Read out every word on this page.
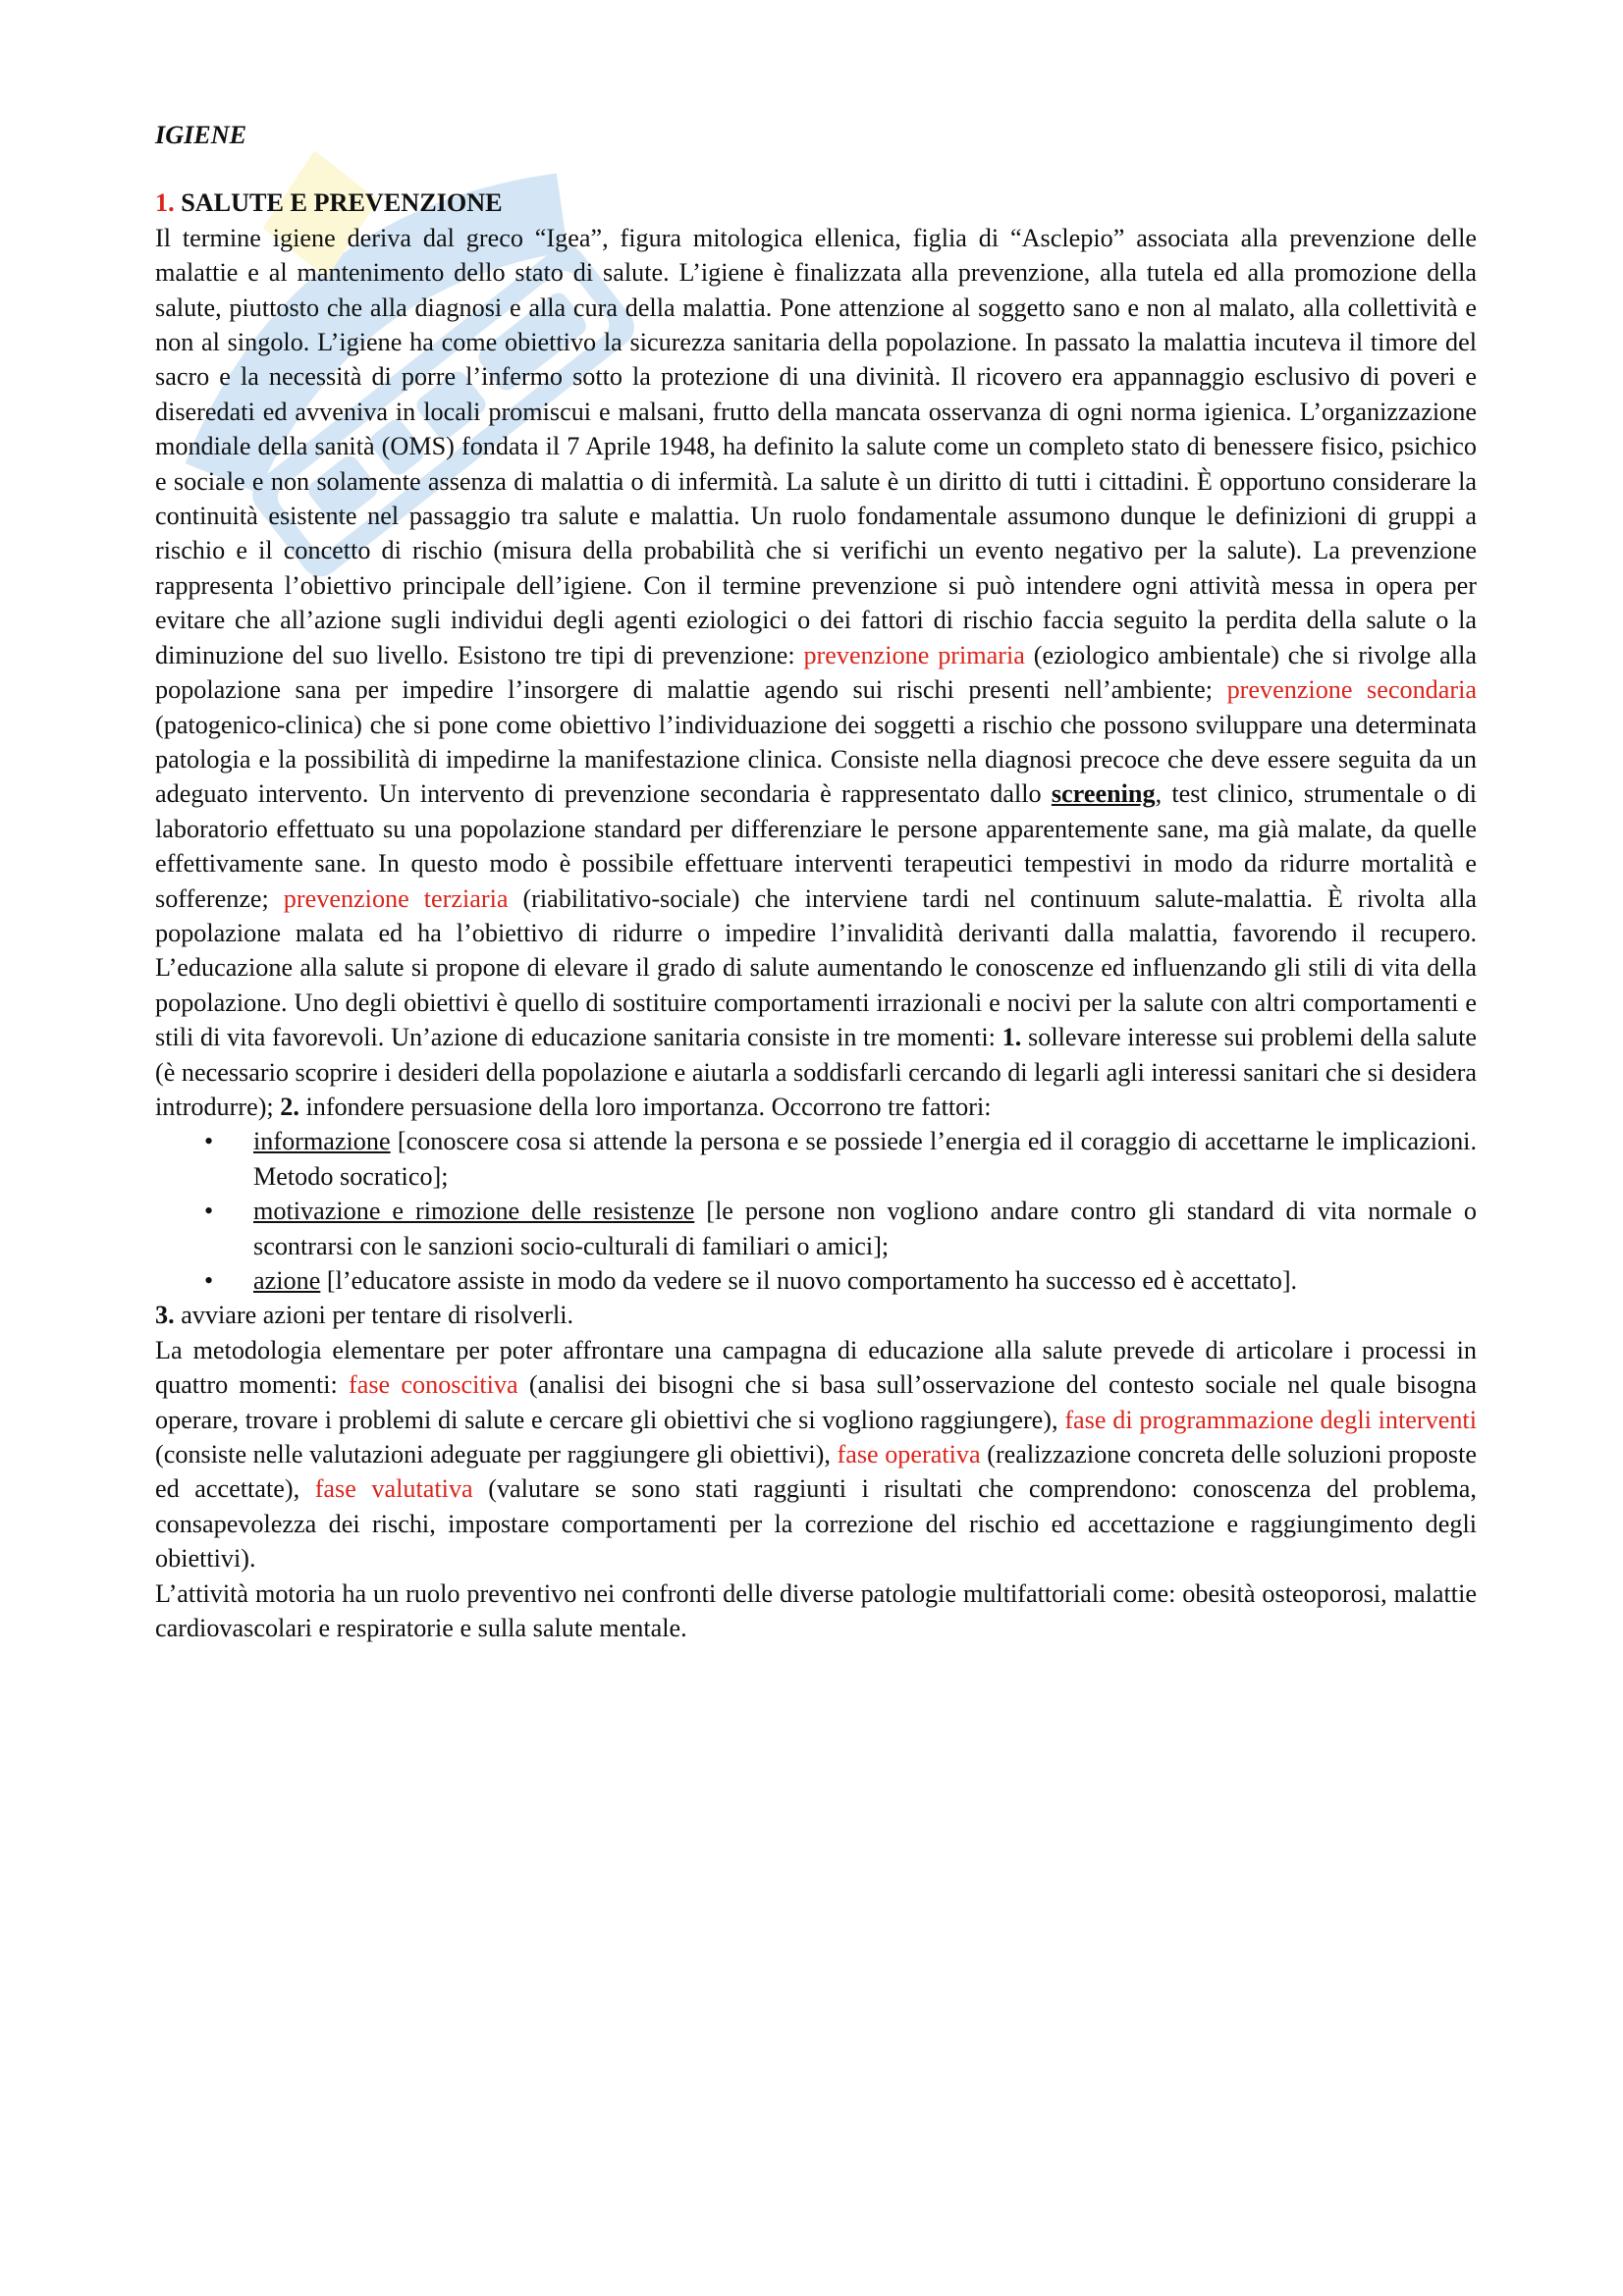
IGIENE
1. SALUTE E PREVENZIONE

Il termine igiene deriva dal greco “Igea”, figura mitologica ellenica, figlia di “Asclepio” associata alla prevenzione delle malattie e al mantenimento dello stato di salute. L’igiene è finalizzata alla prevenzione, alla tutela ed alla promozione della salute, piuttosto che alla diagnosi e alla cura della malattia. Pone attenzione al soggetto sano e non al malato, alla collettività e non al singolo. L’igiene ha come obiettivo la sicurezza sanitaria della popolazione. In passato la malattia incuteva il timore del sacro e la necessità di porre l’infermo sotto la protezione di una divinità. Il ricovero era appannaggio esclusivo di poveri e diseredati ed avveniva in locali promiscui e malsani, frutto della mancata osservanza di ogni norma igienica. L’organizzazione mondiale della sanità (OMS) fondata il 7 Aprile 1948, ha definito la salute come un completo stato di benessere fisico, psichico e sociale e non solamente assenza di malattia o di infermità. La salute è un diritto di tutti i cittadini. È opportuno considerare la continuità esistente nel passaggio tra salute e malattia. Un ruolo fondamentale assumono dunque le definizioni di gruppi a rischio e il concetto di rischio (misura della probabilità che si verifichi un evento negativo per la salute). La prevenzione rappresenta l’obiettivo principale dell’igiene. Con il termine prevenzione si può intendere ogni attività messa in opera per evitare che all’azione sugli individui degli agenti eziologici o dei fattori di rischio faccia seguito la perdita della salute o la diminuzione del suo livello. Esistono tre tipi di prevenzione: prevenzione primaria (eziologico ambientale) che si rivolge alla popolazione sana per impedire l’insorgere di malattie agendo sui rischi presenti nell’ambiente; prevenzione secondaria (patogenico-clinica) che si pone come obiettivo l’individuazione dei soggetti a rischio che possono sviluppare una determinata patologia e la possibilità di impedirne la manifestazione clinica. Consiste nella diagnosi precoce che deve essere seguita da un adeguato intervento. Un intervento di prevenzione secondaria è rappresentato dallo screening, test clinico, strumentale o di laboratorio effettuato su una popolazione standard per differenziare le persone apparentemente sane, ma già malate, da quelle effettivamente sane. In questo modo è possibile effettuare interventi terapeutici tempestivi in modo da ridurre mortalità e sofferenze; prevenzione terziaria (riabilitativo-sociale) che interviene tardi nel continuum salute-malattia. È rivolta alla popolazione malata ed ha l’obiettivo di ridurre o impedire l’invalidità derivanti dalla malattia, favorendo il recupero. L’educazione alla salute si propone di elevare il grado di salute aumentando le conoscenze ed influenzando gli stili di vita della popolazione. Uno degli obiettivi è quello di sostituire comportamenti irrazionali e nocivi per la salute con altri comportamenti e stili di vita favorevoli. Un’azione di educazione sanitaria consiste in tre momenti: 1. sollevare interesse sui problemi della salute (è necessario scoprire i desideri della popolazione e aiutarla a soddisfarli cercando di legarli agli interessi sanitari che si desidera introdurre); 2. infondere persuasione della loro importanza. Occorrono tre fattori:

• informazione [conoscere cosa si attende la persona e se possiede l’energia ed il coraggio di accettarne le implicazioni. Metodo socratico];
• motivazione e rimozione delle resistenze [le persone non vogliono andare contro gli standard di vita normale o scontrarsi con le sanzioni socio-culturali di familiari o amici];
• azione [l’educatore assiste in modo da vedere se il nuovo comportamento ha successo ed è accettato].

3. avviare azioni per tentare di risolverli.

La metodologia elementare per poter affrontare una campagna di educazione alla salute prevede di articolare i processi in quattro momenti: fase conoscitiva (analisi dei bisogni che si basa sull’osservazione del contesto sociale nel quale bisogna operare, trovare i problemi di salute e cercare gli obiettivi che si vogliono raggiungere), fase di programmazione degli interventi (consiste nelle valutazioni adeguate per raggiungere gli obiettivi), fase operativa (realizzazione concreta delle soluzioni proposte ed accettate), fase valutativa (valutare se sono stati raggiunti i risultati che comprendono: conoscenza del problema, consapevolezza dei rischi, impostare comportamenti per la correzione del rischio ed accettazione e raggiungimento degli obiettivi).

L’attività motoria ha un ruolo preventivo nei confronti delle diverse patologie multifattoriali come: obesità osteoporosi, malattie cardiovascolari e respiratorie e sulla salute mentale.
